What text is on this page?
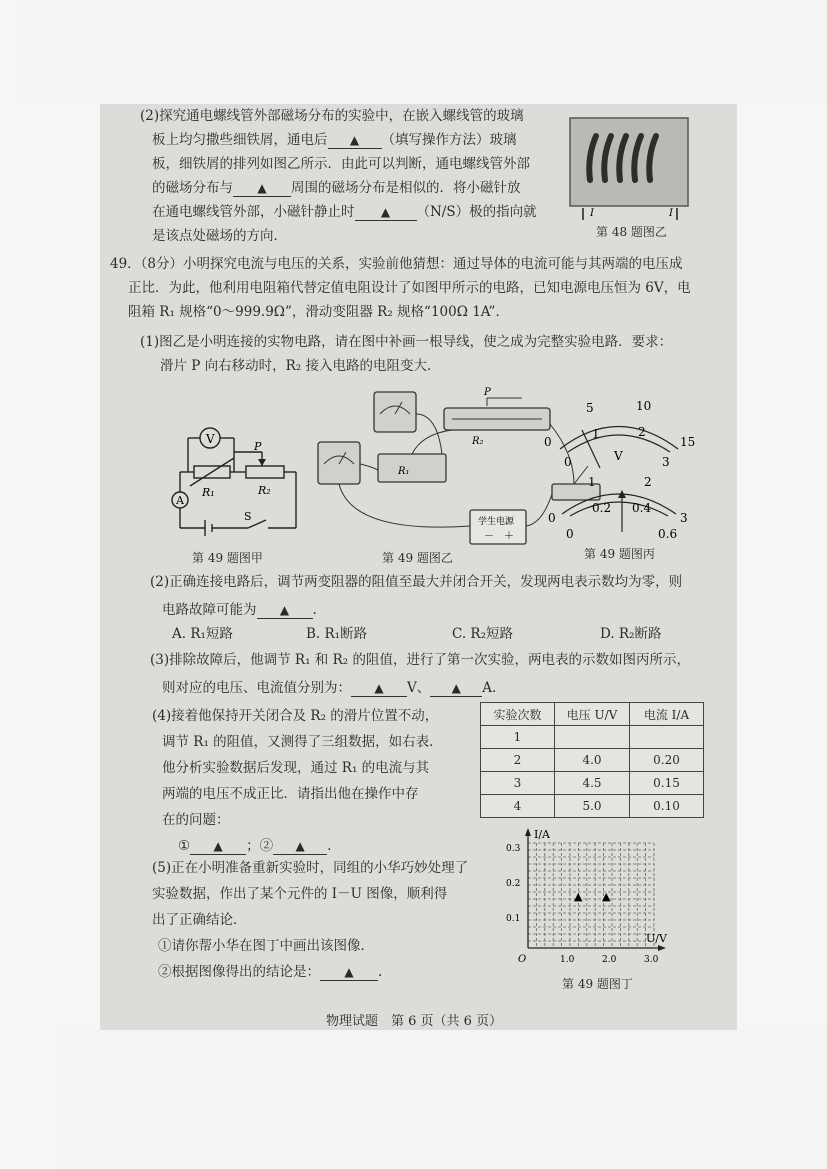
(2)探究通电螺线管外部磁场分布的实验中，在嵌入螺线管的玻璃
板上均匀撒些细铁屑，通电后 ▲ （填写操作方法）玻璃
板，细铁屑的排列如图乙所示．由此可以判断，通电螺线管外部
的磁场分布与 ▲ 周围的磁场分布是相似的．将小磁针放
在通电螺线管外部，小磁针静止时 ▲ （N/S）极的指向就
是该点处磁场的方向．
I	I
第 48 题图乙
49．（8分）小明探究电流与电压的关系，实验前他猜想：通过导体的电流可能与其两端的电压成
正比．为此，他利用电阻箱代替定值电阻设计了如图甲所示的电路，已知电源电压恒为 6V，电
阻箱 R₁ 规格“0～999.9Ω”，滑动变阻器 R₂ 规格“100Ω 1A”．
(1)图乙是小明连接的实物电路，请在图中补画一根导线，使之成为完整实验电路．要求：
滑片 P 向右移动时，R₂ 接入电路的电阻变大．
V
A
R₁	R₂
P
S
第 49 题图甲
P
R₂
R₁
学生电源
－ ＋
第 49 题图乙
0
5	10
15
0
1	2
3
V
0
1	2
3
0
0.2 0.4
0.6
第 49 题图丙
(2)正确连接电路后，调节两变阻器的阻值至最大并闭合开关，发现两电表示数均为零，则
电路故障可能为 ▲ .
A. R₁短路	B. R₁断路	C. R₂短路	D. R₂断路
(3)排除故障后，他调节 R₁ 和 R₂ 的阻值，进行了第一次实验，两电表的示数如图丙所示，
则对应的电压、电流值分别为： ▲ V、 ▲ A.
(4)接着他保持开关闭合及 R₂ 的滑片位置不动，
调节 R₁ 的阻值，又测得了三组数据，如右表．
他分析实验数据后发现，通过 R₁ 的电流与其
两端的电压不成正比．请指出他在操作中存
在的问题：
① ▲ ；② ▲ .
实验次数	电压 U/V	电流 I/A
1		
2	4.0	0.20
3	4.5	0.15
4	5.0	0.10
(5)正在小明准备重新实验时，同组的小华巧妙处理了
实验数据，作出了某个元件的 I－U 图像，顺利得
出了正确结论．
①请你帮小华在图丁中画出该图像．
②根据图像得出的结论是： ▲ .
I/A
U/V
O
0.1
0.2
0.3
1.0	2.0	3.0
▲ ▲
第 49 题图丁
物理试题　第 6 页（共 6 页）
